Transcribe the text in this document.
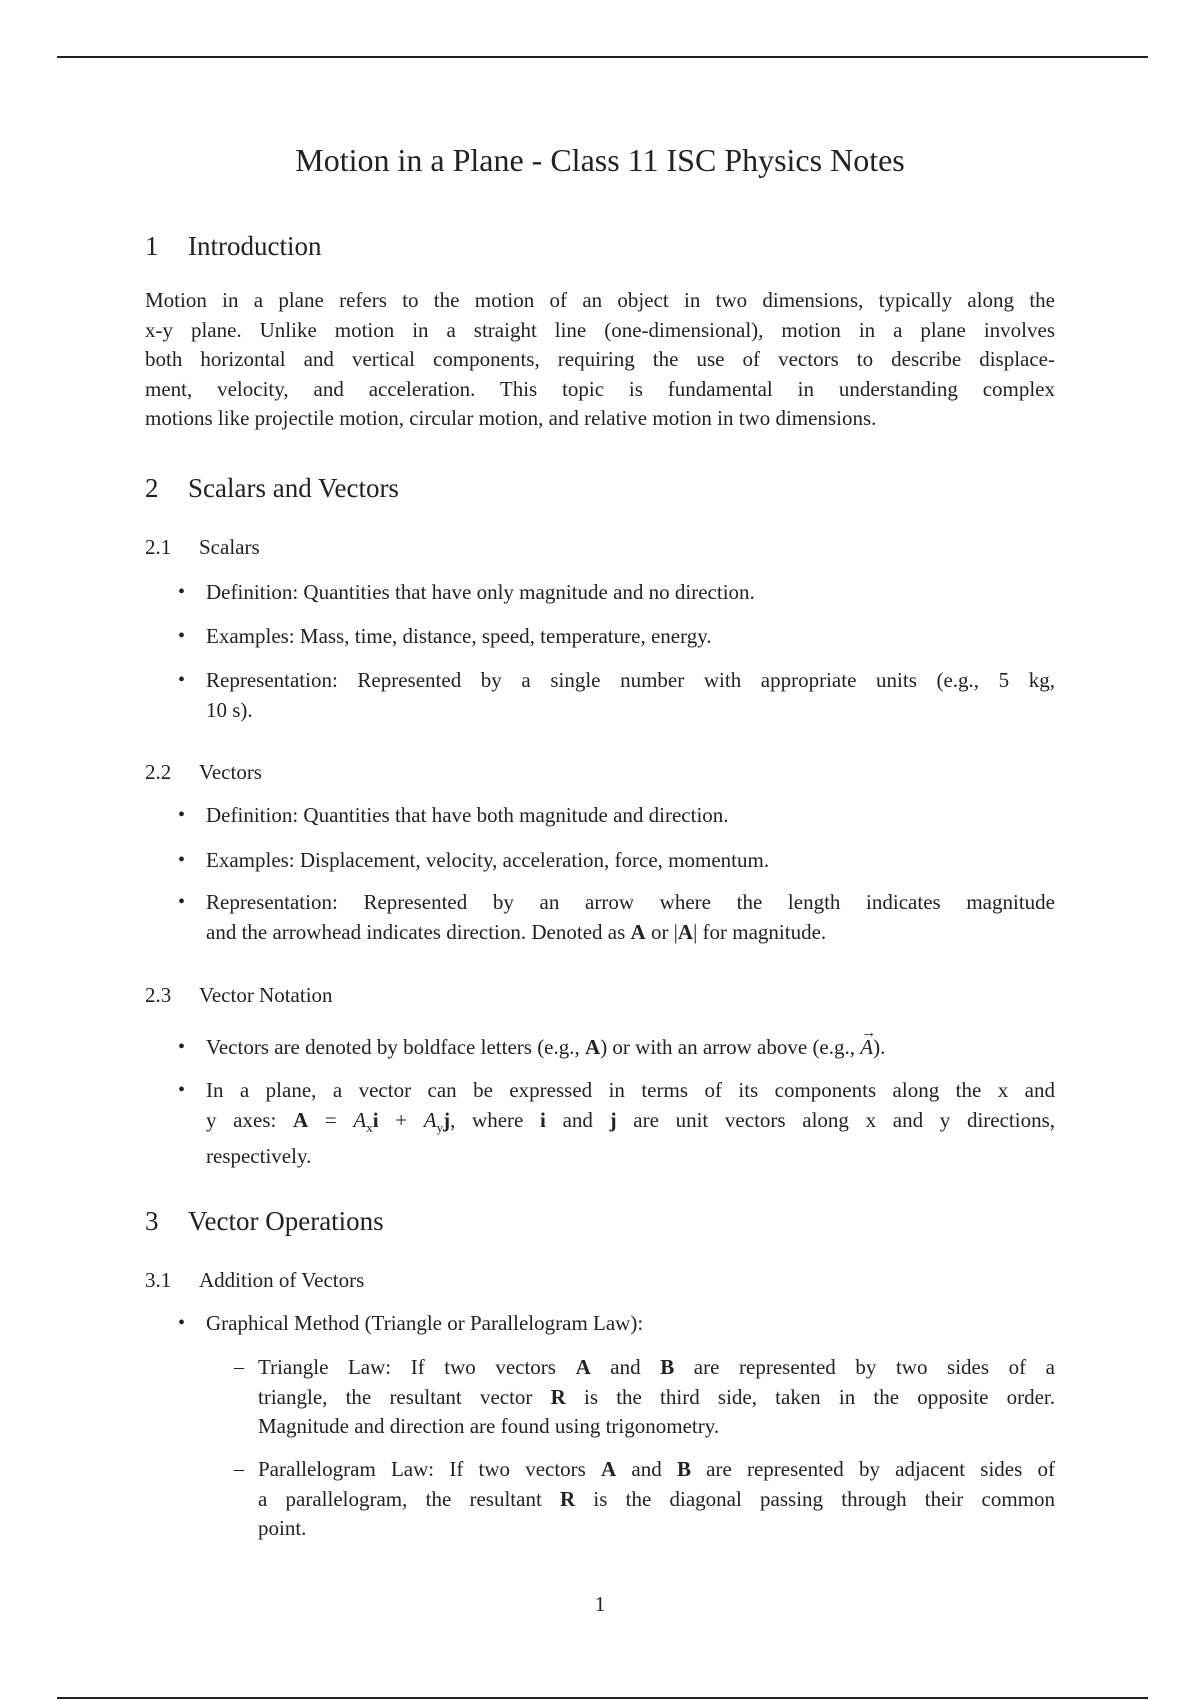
Motion in a Plane - Class 11 ISC Physics Notes
1 Introduction
Motion in a plane refers to the motion of an object in two dimensions, typically along the
x-y plane. Unlike motion in a straight line (one-dimensional), motion in a plane involves
both horizontal and vertical components, requiring the use of vectors to describe displace-
ment, velocity, and acceleration. This topic is fundamental in understanding complex
motions like projectile motion, circular motion, and relative motion in two dimensions.
2 Scalars and Vectors
2.1 Scalars
2.2 Vectors
2.3 Vector Notation
3 Vector Operations
3.1 Addition of Vectors
1
• Definition: Quantities that have only magnitude and no direction.
• Examples: Mass, time, distance, speed, temperature, energy.
• Representation: Represented by a single number with appropriate units (e.g., 5 kg,
10 s).
• Definition: Quantities that have both magnitude and direction.
• Examples: Displacement, velocity, acceleration, force, momentum.
• Representation: Represented by an arrow where the length indicates magnitude
and the arrowhead indicates direction. Denoted as A or |A| for magnitude.
• Vectors are denoted by boldface letters (e.g., A) or with an arrow above (e.g., A
→
).
• In a plane, a vector can be expressed in terms of its components along the x and
y axes: $A = A_xi + A_yj$, where i and j are unit vectors along x and y directions,
respectively.
• Graphical Method (Triangle or Parallelogram Law):
– Triangle Law: If two vectors A and B are represented by two sides of a
triangle, the resultant vector R is the third side, taken in the opposite order.
Magnitude and direction are found using trigonometry.
– Parallelogram Law: If two vectors A and B are represented by adjacent sides of
a parallelogram, the resultant R is the diagonal passing through their common
point.
